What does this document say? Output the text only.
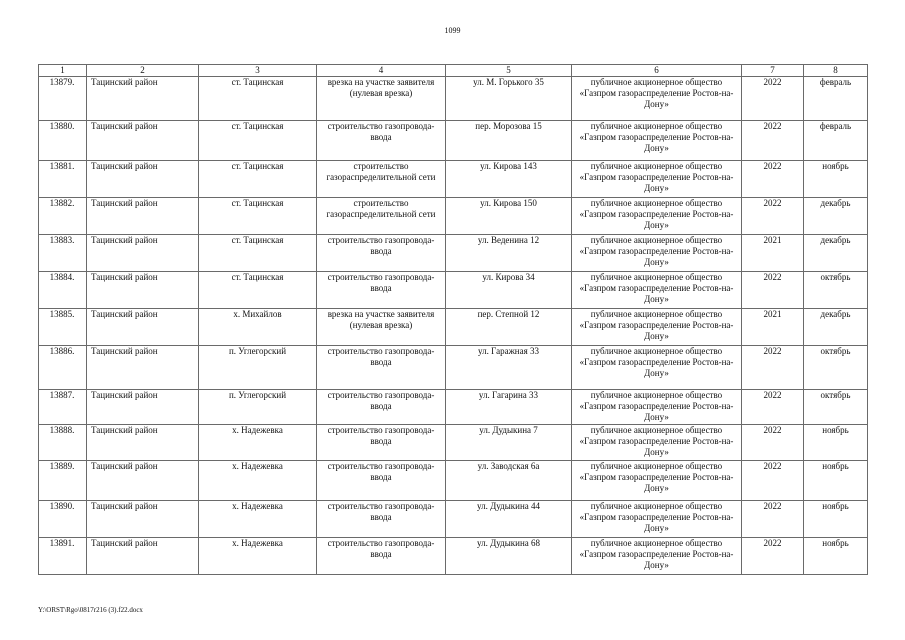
1099
1	2	3	4	5	6	7	8
13879.	Тацинский район	ст. Тацинская	врезка на участке заявителя (нулевая врезка)	ул. М. Горького 35	публичное акционерное общество «Газпром газораспределение Ростов-на-Дону»	2022	февраль
13880.	Тацинский район	ст. Тацинская	строительство газопровода-ввода	пер. Морозова 15	публичное акционерное общество «Газпром газораспределение Ростов-на-Дону»	2022	февраль
13881.	Тацинский район	ст. Тацинская	строительство газораспределительной сети	ул. Кирова 143	публичное акционерное общество «Газпром газораспределение Ростов-на-Дону»	2022	ноябрь
13882.	Тацинский район	ст. Тацинская	строительство газораспределительной сети	ул. Кирова 150	публичное акционерное общество «Газпром газораспределение Ростов-на-Дону»	2022	декабрь
13883.	Тацинский район	ст. Тацинская	строительство газопровода-ввода	ул. Веденина 12	публичное акционерное общество «Газпром газораспределение Ростов-на-Дону»	2021	декабрь
13884.	Тацинский район	ст. Тацинская	строительство газопровода-ввода	ул. Кирова 34	публичное акционерное общество «Газпром газораспределение Ростов-на-Дону»	2022	октябрь
13885.	Тацинский район	х. Михайлов	врезка на участке заявителя (нулевая врезка)	пер. Степной 12	публичное акционерное общество «Газпром газораспределение Ростов-на-Дону»	2021	декабрь
13886.	Тацинский район	п. Углегорский	строительство газопровода-ввода	ул. Гаражная 33	публичное акционерное общество «Газпром газораспределение Ростов-на-Дону»	2022	октябрь
13887.	Тацинский район	п. Углегорский	строительство газопровода-ввода	ул. Гагарина 33	публичное акционерное общество «Газпром газораспределение Ростов-на-Дону»	2022	октябрь
13888.	Тацинский район	х. Надежевка	строительство газопровода-ввода	ул. Дудыкина 7	публичное акционерное общество «Газпром газораспределение Ростов-на-Дону»	2022	ноябрь
13889.	Тацинский район	х. Надежевка	строительство газопровода-ввода	ул. Заводская 6а	публичное акционерное общество «Газпром газораспределение Ростов-на-Дону»	2022	ноябрь
13890.	Тацинский район	х. Надежевка	строительство газопровода-ввода	ул. Дудыкина 44	публичное акционерное общество «Газпром газораспределение Ростов-на-Дону»	2022	ноябрь
13891.	Тацинский район	х. Надежевка	строительство газопровода-ввода	ул. Дудыкина 68	публичное акционерное общество «Газпром газораспределение Ростов-на-Дону»	2022	ноябрь
Y:\ORST\Rgo\0817r216 (3).f22.docx
